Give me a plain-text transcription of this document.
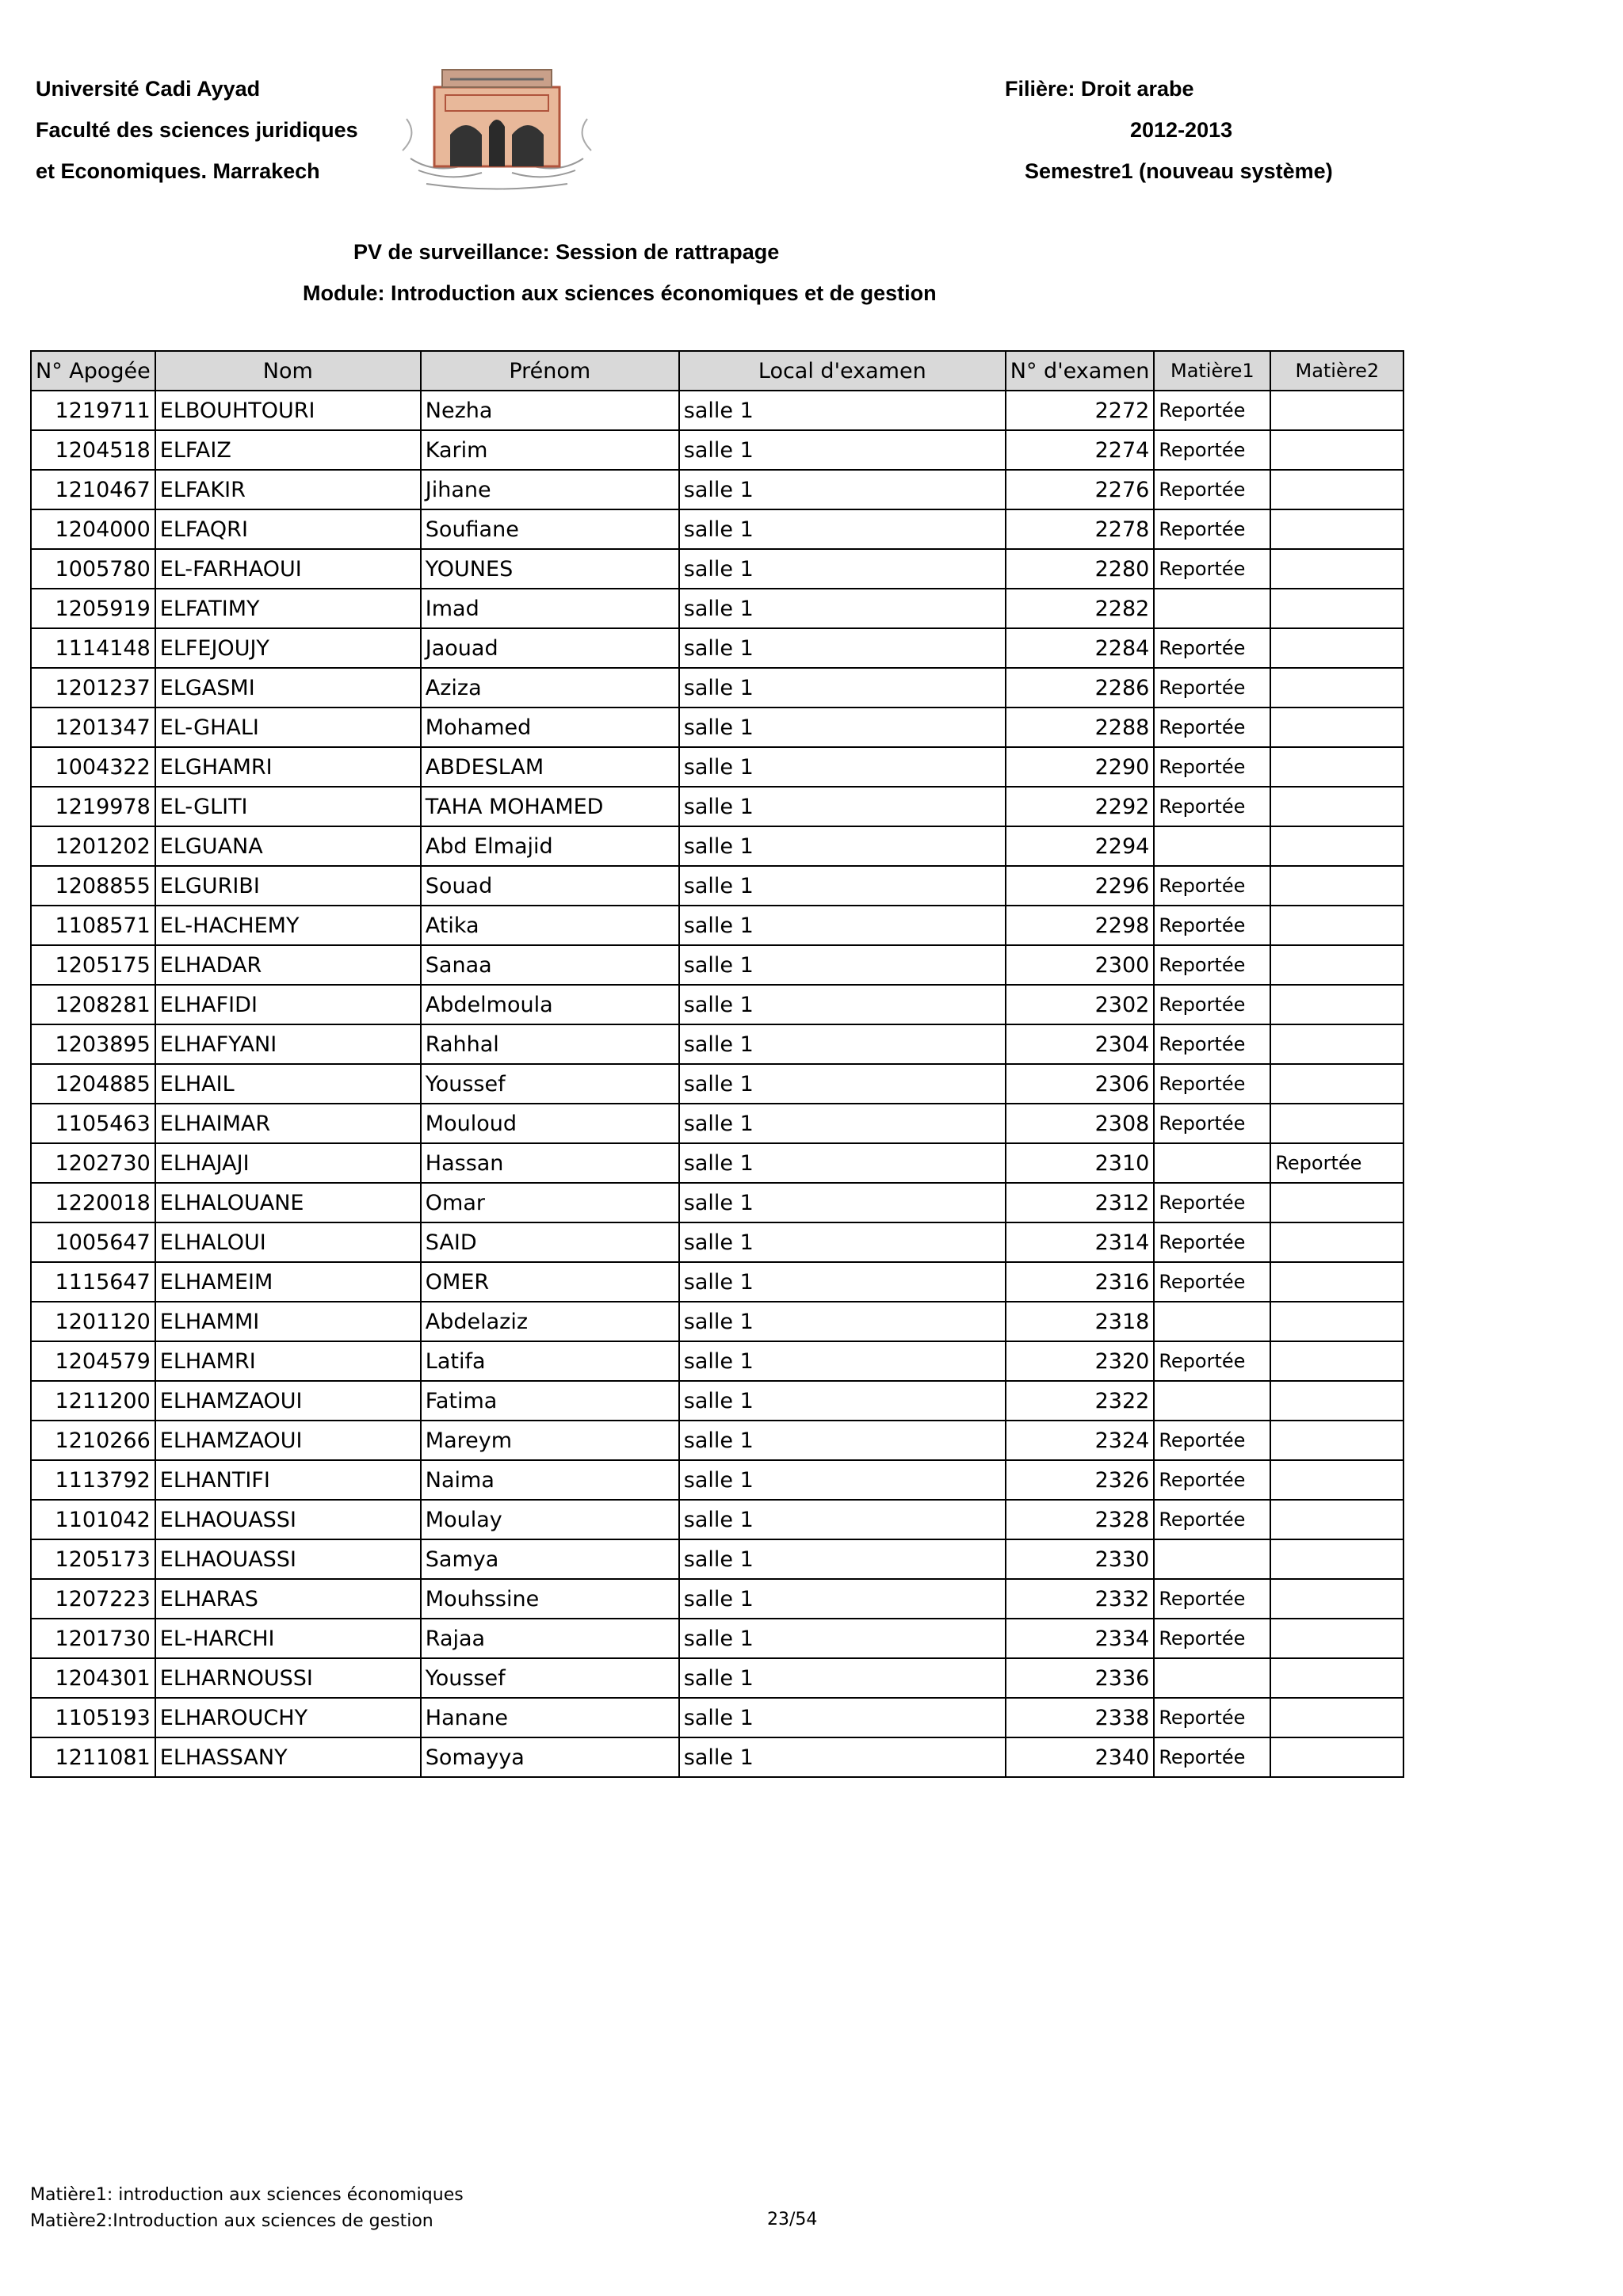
Université Cadi Ayyad
Faculté des sciences juridiques
et Economiques. Marrakech
Filière: Droit arabe
2012-2013
Semestre1 (nouveau système)
PV de surveillance: Session de rattrapage
Module: Introduction aux sciences économiques et de gestion
N° Apogée	Nom	Prénom	Local d'examen	N° d'examen	Matière1	Matière2
1219711	ELBOUHTOURI	Nezha	salle 1	2272	Reportée	
1204518	ELFAIZ	Karim	salle 1	2274	Reportée	
1210467	ELFAKIR	Jihane	salle 1	2276	Reportée	
1204000	ELFAQRI	Soufiane	salle 1	2278	Reportée	
1005780	EL-FARHAOUI	YOUNES	salle 1	2280	Reportée	
1205919	ELFATIMY	Imad	salle 1	2282		
1114148	ELFEJOUJY	Jaouad	salle 1	2284	Reportée	
1201237	ELGASMI	Aziza	salle 1	2286	Reportée	
1201347	EL-GHALI	Mohamed	salle 1	2288	Reportée	
1004322	ELGHAMRI	ABDESLAM	salle 1	2290	Reportée	
1219978	EL-GLITI	TAHA MOHAMED	salle 1	2292	Reportée	
1201202	ELGUANA	Abd Elmajid	salle 1	2294		
1208855	ELGURIBI	Souad	salle 1	2296	Reportée	
1108571	EL-HACHEMY	Atika	salle 1	2298	Reportée	
1205175	ELHADAR	Sanaa	salle 1	2300	Reportée	
1208281	ELHAFIDI	Abdelmoula	salle 1	2302	Reportée	
1203895	ELHAFYANI	Rahhal	salle 1	2304	Reportée	
1204885	ELHAIL	Youssef	salle 1	2306	Reportée	
1105463	ELHAIMAR	Mouloud	salle 1	2308	Reportée	
1202730	ELHAJAJI	Hassan	salle 1	2310		Reportée
1220018	ELHALOUANE	Omar	salle 1	2312	Reportée	
1005647	ELHALOUI	SAID	salle 1	2314	Reportée	
1115647	ELHAMEIM	OMER	salle 1	2316	Reportée	
1201120	ELHAMMI	Abdelaziz	salle 1	2318		
1204579	ELHAMRI	Latifa	salle 1	2320	Reportée	
1211200	ELHAMZAOUI	Fatima	salle 1	2322		
1210266	ELHAMZAOUI	Mareym	salle 1	2324	Reportée	
1113792	ELHANTIFI	Naima	salle 1	2326	Reportée	
1101042	ELHAOUASSI	Moulay	salle 1	2328	Reportée	
1205173	ELHAOUASSI	Samya	salle 1	2330		
1207223	ELHARAS	Mouhssine	salle 1	2332	Reportée	
1201730	EL-HARCHI	Rajaa	salle 1	2334	Reportée	
1204301	ELHARNOUSSI	Youssef	salle 1	2336		
1105193	ELHAROUCHY	Hanane	salle 1	2338	Reportée	
1211081	ELHASSANY	Somayya	salle 1	2340	Reportée	
Matière1: introduction aux sciences économiques
Matière2:Introduction aux sciences de gestion	23/54
